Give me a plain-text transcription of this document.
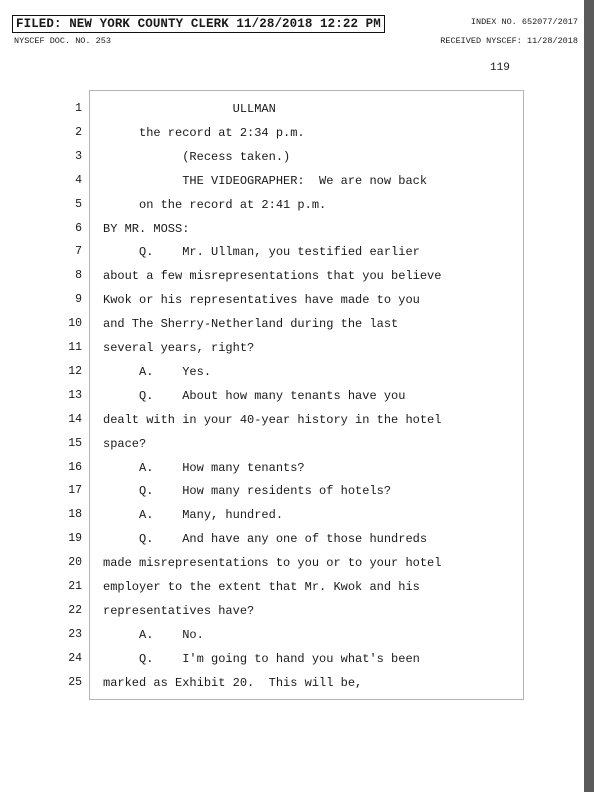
FILED: NEW YORK COUNTY CLERK 11/28/2018 12:22 PM
NYSCEF DOC. NO. 253
INDEX NO. 652077/2017
RECEIVED NYSCEF: 11/28/2018
119
1 ULLMAN
2 the record at 2:34 p.m.
3 (Recess taken.)
4 THE VIDEOGRAPHER:  We are now back
5 on the record at 2:41 p.m.
6 BY MR. MOSS:
7 Q.    Mr. Ullman, you testified earlier
8 about a few misrepresentations that you believe
9 Kwok or his representatives have made to you
10 and The Sherry-Netherland during the last
11 several years, right?
12 A.    Yes.
13 Q.    About how many tenants have you
14 dealt with in your 40-year history in the hotel
15 space?
16 A.    How many tenants?
17 Q.    How many residents of hotels?
18 A.    Many, hundred.
19 Q.    And have any one of those hundreds
20 made misrepresentations to you or to your hotel
21 employer to the extent that Mr. Kwok and his
22 representatives have?
23 A.    No.
24 Q.    I'm going to hand you what's been
25 marked as Exhibit 20.  This will be,
